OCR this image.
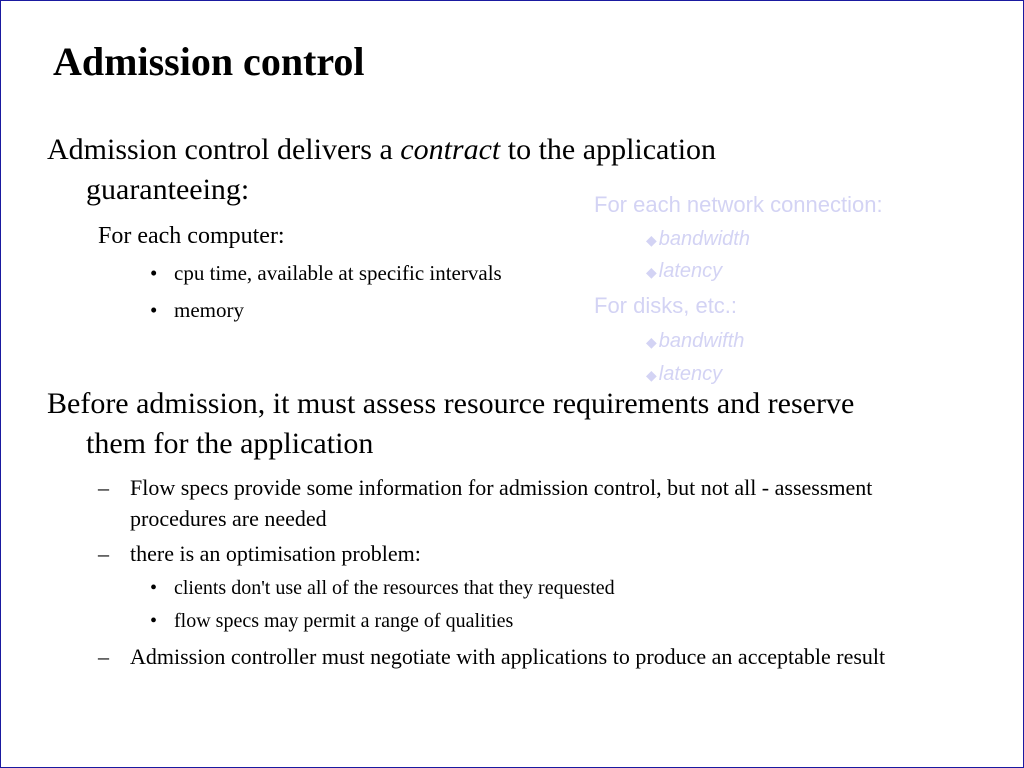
Admission control
Admission control delivers a contract to the application
guaranteeing:
For each computer:
• cpu time, available at specific intervals
• memory
For each network connection:
◆ bandwidth
◆ latency
For disks, etc.:
◆ bandwifth
◆ latency
Before admission, it must assess resource requirements and reserve
them for the application
– Flow specs provide some information for admission control, but not all - assessment procedures are needed
– there is an optimisation problem:
• clients don't use all of the resources that they requested
• flow specs may permit a range of qualities
– Admission controller must negotiate with applications to produce an acceptable result
